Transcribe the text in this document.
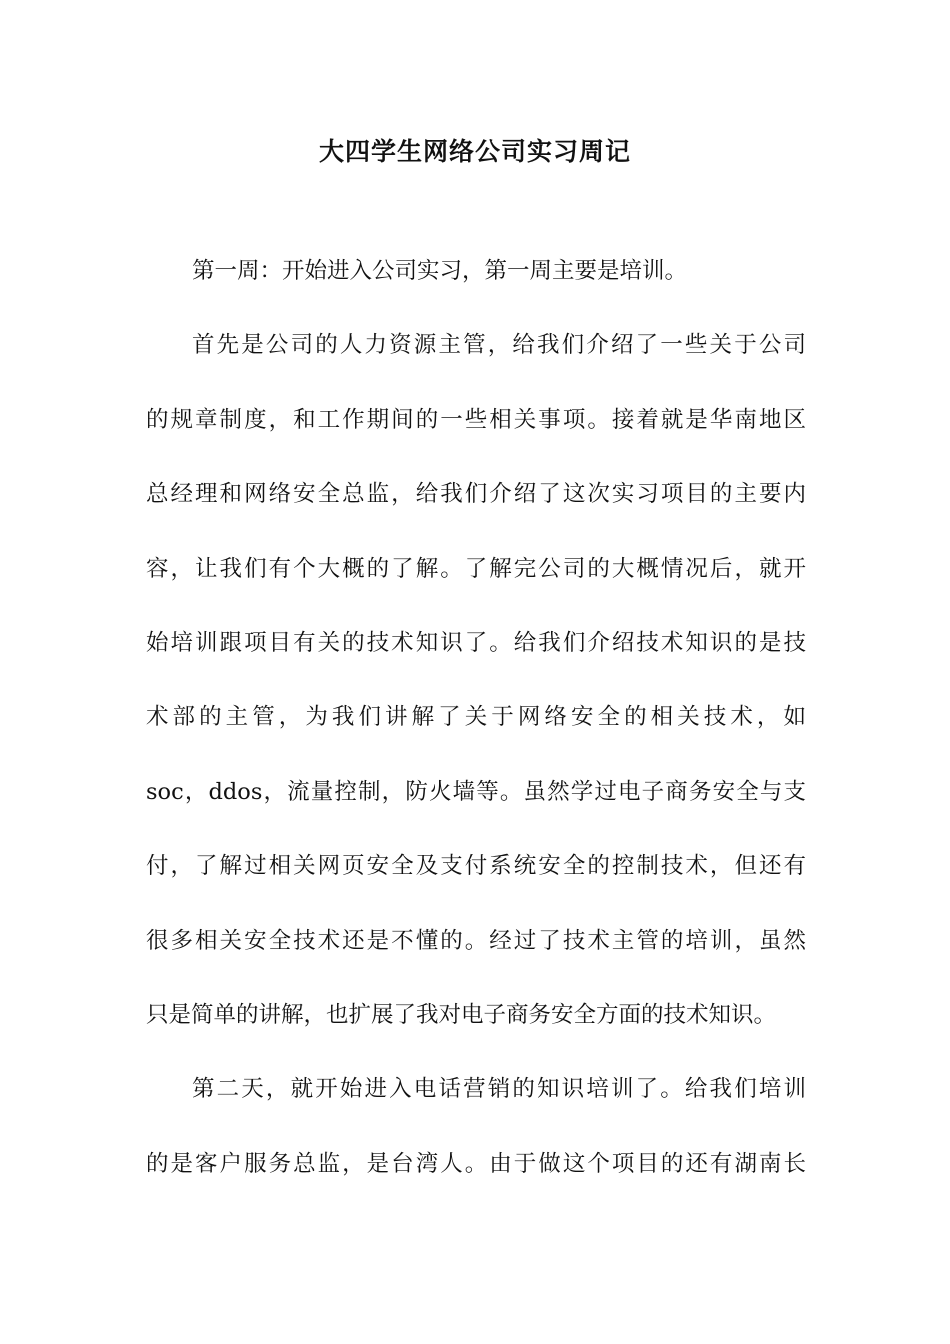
大四学生网络公司实习周记
第一周：开始进入公司实习，第一周主要是培训。
首先是公司的人力资源主管，给我们介绍了一些关于公司
的规章制度，和工作期间的一些相关事项。接着就是华南地区
总经理和网络安全总监，给我们介绍了这次实习项目的主要内
容，让我们有个大概的了解。了解完公司的大概情况后，就开
始培训跟项目有关的技术知识了。给我们介绍技术知识的是技
术部的主管，为我们讲解了关于网络安全的相关技术，如
soc，ddos，流量控制，防火墙等。虽然学过电子商务安全与支
付，了解过相关网页安全及支付系统安全的控制技术，但还有
很多相关安全技术还是不懂的。经过了技术主管的培训，虽然
只是简单的讲解，也扩展了我对电子商务安全方面的技术知识。
第二天，就开始进入电话营销的知识培训了。给我们培训
的是客户服务总监，是台湾人。由于做这个项目的还有湖南长
